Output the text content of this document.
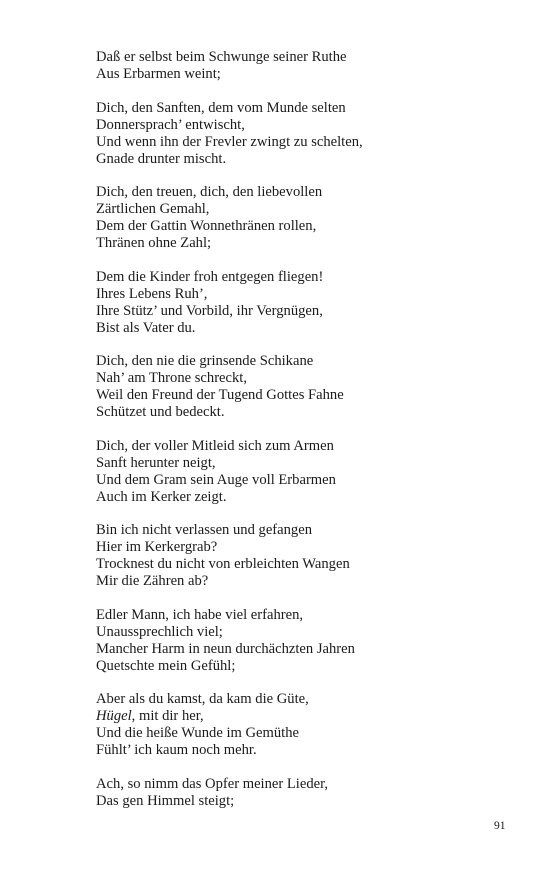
Daß er selbst beim Schwunge seiner Ruthe
Aus Erbarmen weint;
Dich, den Sanften, dem vom Munde selten
Donnersprach’ entwischt,
Und wenn ihn der Frevler zwingt zu schelten,
Gnade drunter mischt.
Dich, den treuen, dich, den liebevollen
Zärtlichen Gemahl,
Dem der Gattin Wonnethränen rollen,
Thränen ohne Zahl;
Dem die Kinder froh entgegen fliegen!
Ihres Lebens Ruh’,
Ihre Stütz’ und Vorbild, ihr Vergnügen,
Bist als Vater du.
Dich, den nie die grinsende Schikane
Nah’ am Throne schreckt,
Weil den Freund der Tugend Gottes Fahne
Schützet und bedeckt.
Dich, der voller Mitleid sich zum Armen
Sanft herunter neigt,
Und dem Gram sein Auge voll Erbarmen
Auch im Kerker zeigt.
Bin ich nicht verlassen und gefangen
Hier im Kerkergrab?
Trocknest du nicht von erbleichten Wangen
Mir die Zähren ab?
Edler Mann, ich habe viel erfahren,
Unaussprechlich viel;
Mancher Harm in neun durchächzten Jahren
Quetschte mein Gefühl;
Aber als du kamst, da kam die Güte,
Hügel, mit dir her,
Und die heiße Wunde im Gemüthe
Fühlt’ ich kaum noch mehr.
Ach, so nimm das Opfer meiner Lieder,
Das gen Himmel steigt;
91
